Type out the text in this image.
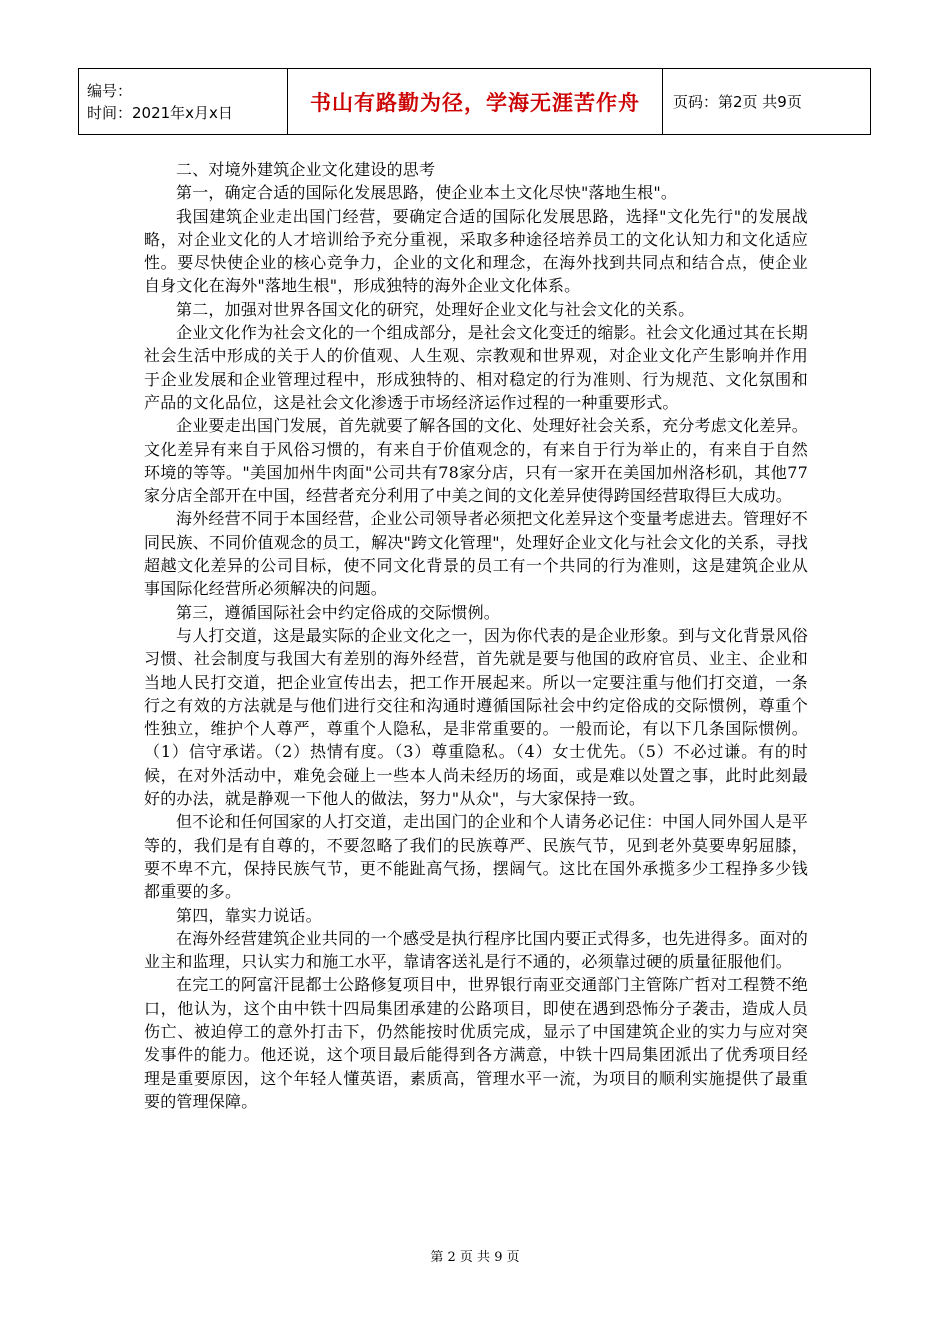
编号：
时间：2021年x月x日	书山有路勤为径，学海无涯苦作舟	页码：第2页 共9页

二、对境外建筑企业文化建设的思考

第一，确定合适的国际化发展思路，使企业本土文化尽快"落地生根"。

我国建筑企业走出国门经营，要确定合适的国际化发展思路，选择"文化先行"的发展战略，对企业文化的人才培训给予充分重视，采取多种途径培养员工的文化认知力和文化适应性。要尽快使企业的核心竞争力，企业的文化和理念，在海外找到共同点和结合点，使企业自身文化在海外"落地生根"，形成独特的海外企业文化体系。

第二，加强对世界各国文化的研究，处理好企业文化与社会文化的关系。

企业文化作为社会文化的一个组成部分，是社会文化变迁的缩影。社会文化通过其在长期社会生活中形成的关于人的价值观、人生观、宗教观和世界观，对企业文化产生影响并作用于企业发展和企业管理过程中，形成独特的、相对稳定的行为准则、行为规范、文化氛围和产品的文化品位，这是社会文化渗透于市场经济运作过程的一种重要形式。

企业要走出国门发展，首先就要了解各国的文化、处理好社会关系，充分考虑文化差异。文化差异有来自于风俗习惯的，有来自于价值观念的，有来自于行为举止的，有来自于自然环境的等等。"美国加州牛肉面"公司共有78家分店，只有一家开在美国加州洛杉矶，其他77家分店全部开在中国，经营者充分利用了中美之间的文化差异使得跨国经营取得巨大成功。

海外经营不同于本国经营，企业公司领导者必须把文化差异这个变量考虑进去。管理好不同民族、不同价值观念的员工，解决"跨文化管理"，处理好企业文化与社会文化的关系，寻找超越文化差异的公司目标，使不同文化背景的员工有一个共同的行为准则，这是建筑企业从事国际化经营所必须解决的问题。

第三，遵循国际社会中约定俗成的交际惯例。

与人打交道，这是最实际的企业文化之一，因为你代表的是企业形象。到与文化背景风俗习惯、社会制度与我国大有差别的海外经营，首先就是要与他国的政府官员、业主、企业和当地人民打交道，把企业宣传出去，把工作开展起来。所以一定要注重与他们打交道，一条行之有效的方法就是与他们进行交往和沟通时遵循国际社会中约定俗成的交际惯例，尊重个性独立，维护个人尊严，尊重个人隐私，是非常重要的。一般而论，有以下几条国际惯例。（1）信守承诺。（2）热情有度。（3）尊重隐私。（4）女士优先。（5）不必过谦。有的时候，在对外活动中，难免会碰上一些本人尚未经历的场面，或是难以处置之事，此时此刻最好的办法，就是静观一下他人的做法，努力"从众"，与大家保持一致。

但不论和任何国家的人打交道，走出国门的企业和个人请务必记住：中国人同外国人是平等的，我们是有自尊的，不要忽略了我们的民族尊严、民族气节，见到老外莫要卑躬屈膝，要不卑不亢，保持民族气节，更不能趾高气扬，摆阔气。这比在国外承揽多少工程挣多少钱都重要的多。

第四，靠实力说话。

在海外经营建筑企业共同的一个感受是执行程序比国内要正式得多，也先进得多。面对的业主和监理，只认实力和施工水平，靠请客送礼是行不通的，必须靠过硬的质量征服他们。

在完工的阿富汗昆都士公路修复项目中，世界银行南亚交通部门主管陈广哲对工程赞不绝口，他认为，这个由中铁十四局集团承建的公路项目，即使在遇到恐怖分子袭击，造成人员伤亡、被迫停工的意外打击下，仍然能按时优质完成，显示了中国建筑企业的实力与应对突发事件的能力。他还说，这个项目最后能得到各方满意，中铁十四局集团派出了优秀项目经理是重要原因，这个年轻人懂英语，素质高，管理水平一流，为项目的顺利实施提供了最重要的管理保障。

第 2 页 共 9 页
